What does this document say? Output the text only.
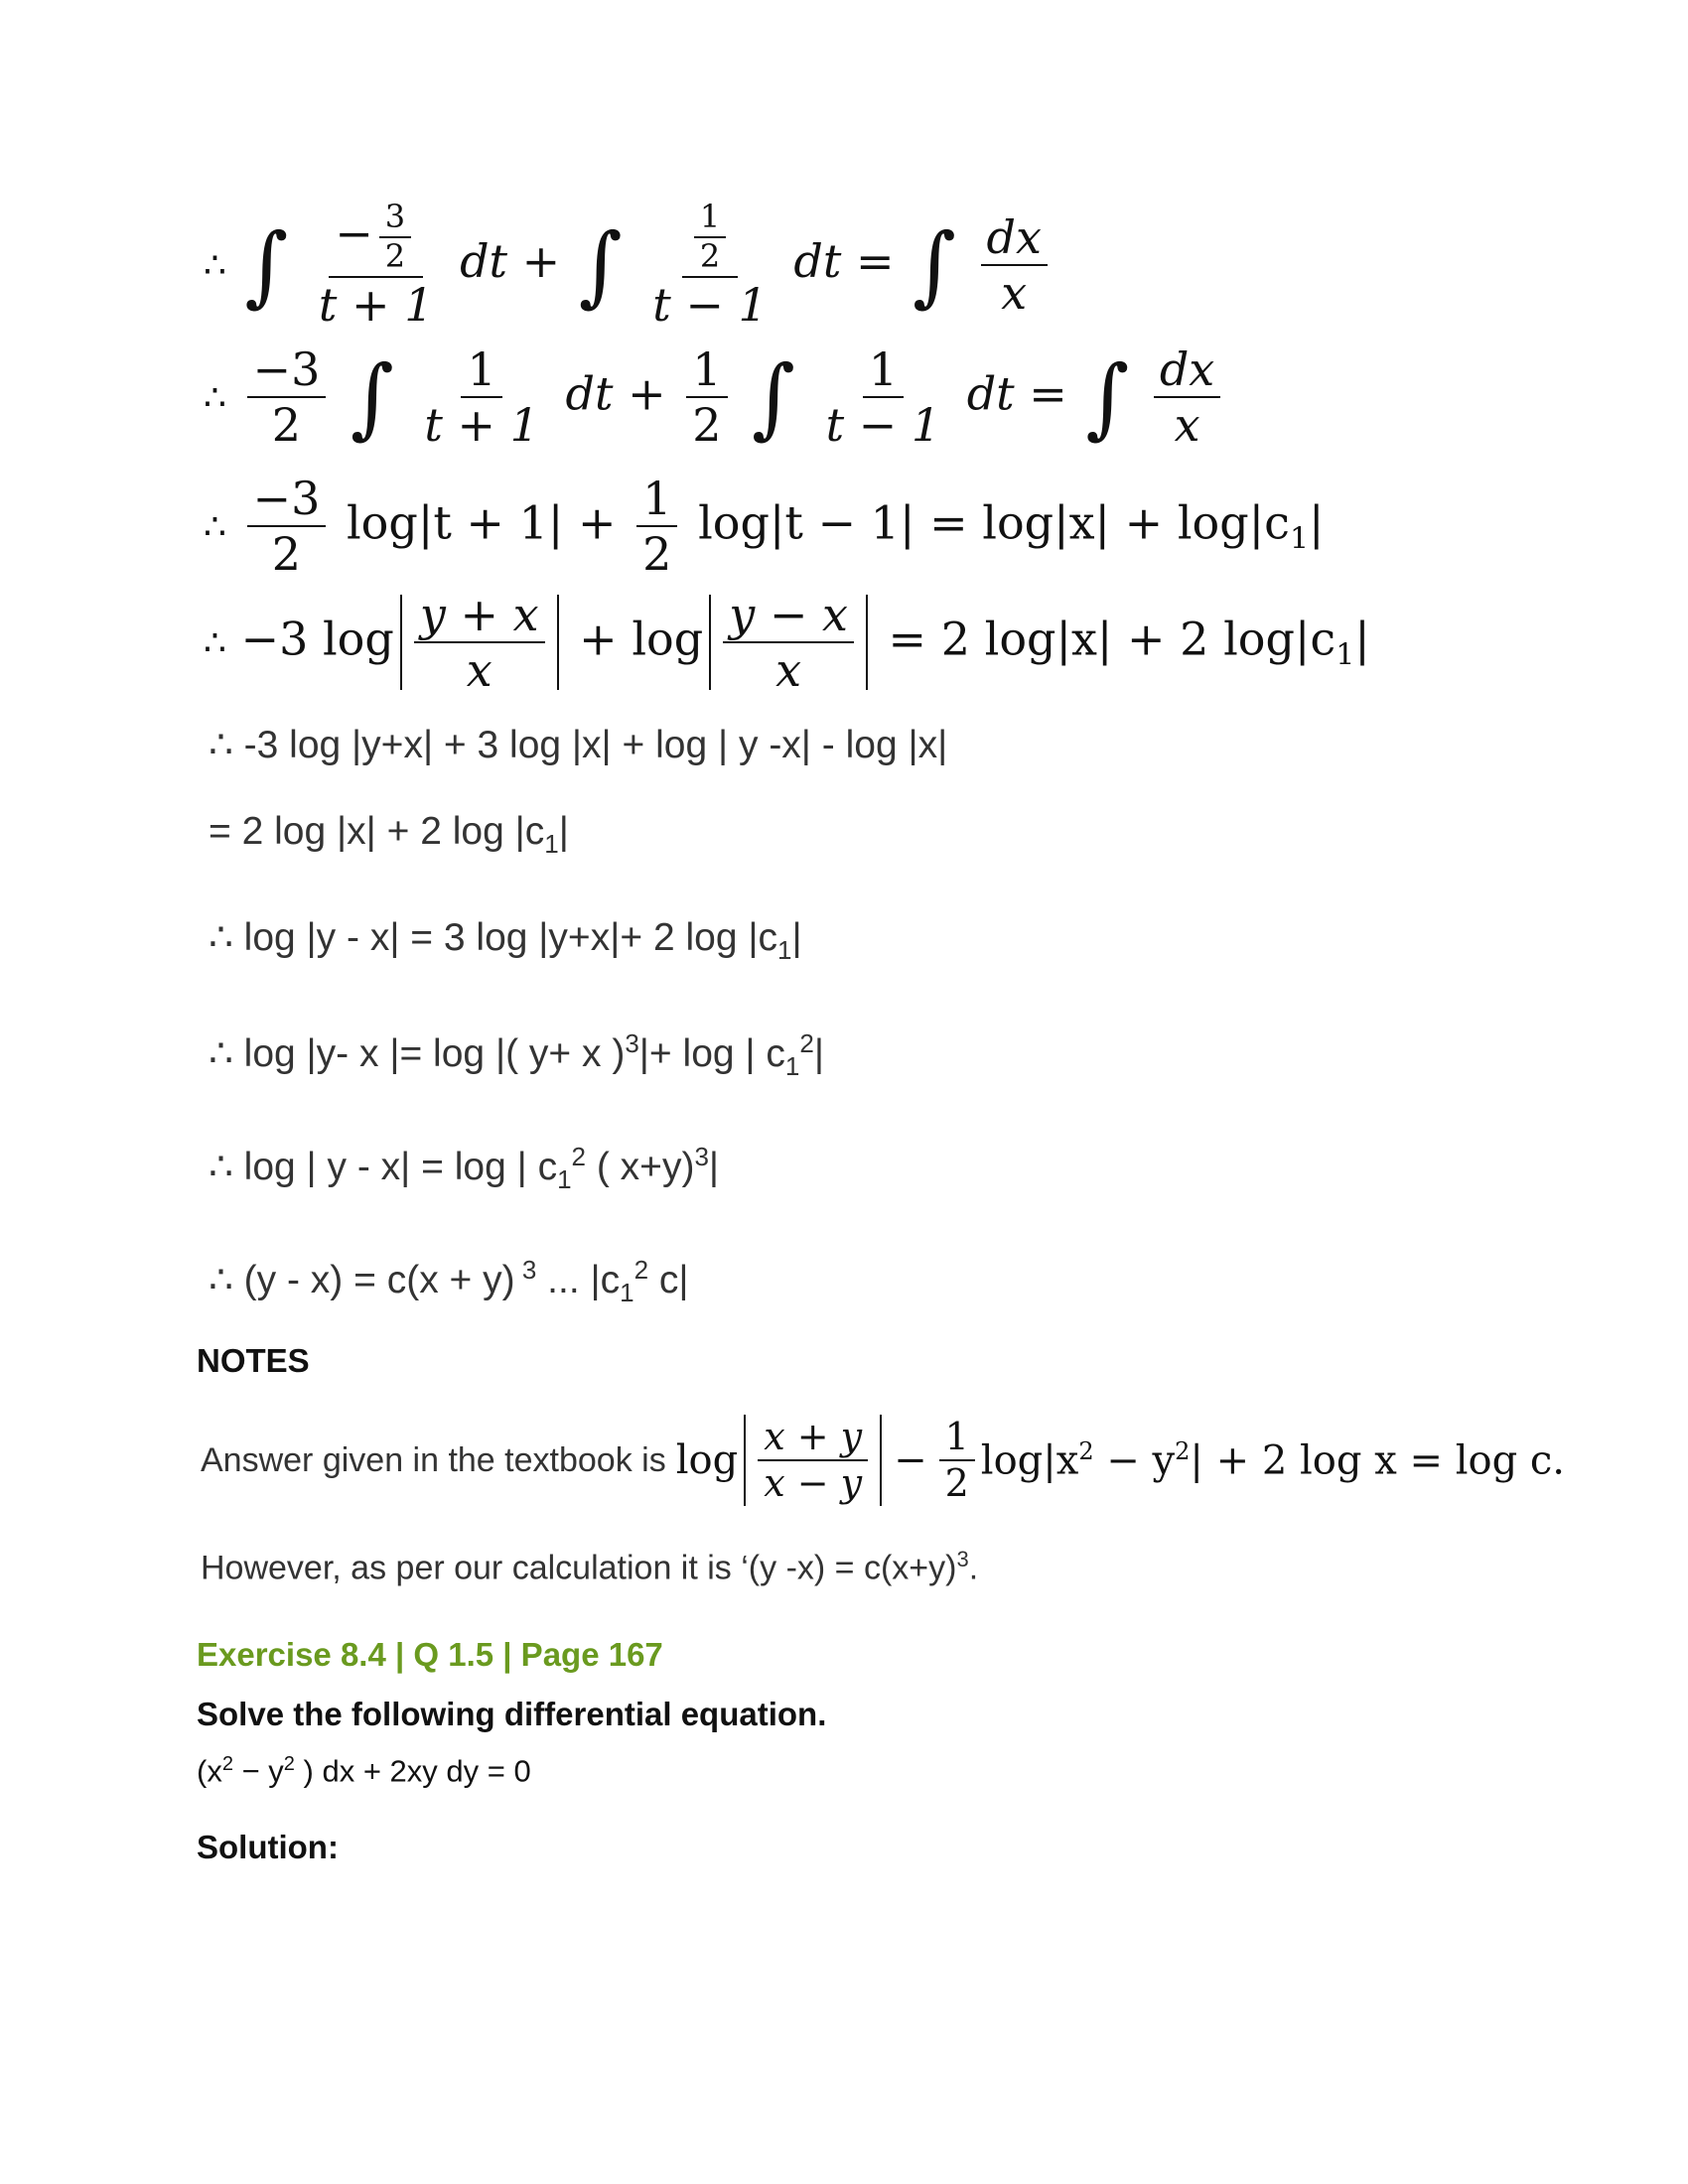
∴ ∫ $\frac{- \frac{3}{2}}{t + 1}$ dt + ∫ $\frac{\frac{1}{2}}{t - 1}$ dt = ∫ $\frac{dx}{x}$
∴ $\frac{-3}{2}$ ∫ $\frac{1}{t + 1}$ dt + $\frac{1}{2}$ ∫ $\frac{1}{t - 1}$ dt = ∫ $\frac{dx}{x}$
∴ $\frac{-3}{2} \log|t + 1| + \frac{1}{2} \log|t - 1| = \log|x| + \log|c_1|$
∴ −3 $\log \frac{y + x}{x} + \log \frac{y - x}{x} = 2$ log|x| + 2 $\log|c_1|$
∴ -3 log |y+x| + 3 log |x| + log | y -x| - log |x|
= 2 log |x| + 2 $\log |c_1|$
∴ log |y - x| = 3 log |y+x|+ 2 $\log |c_1|$
∴ log |y- x |= log |( y+ x )$^3$|+ log | $c_1^2|$
∴ log | y - x| = log | $c_1^2$ ( x+y)$^3$|
∴ (y - x) = c(x + y) $^3$ ... $|c_1^2$ c|
NOTES
Answer given in the textbook is $\log \frac{x + y}{x - y} - \frac{1}{2} \log|x^2 - y^2| + 2$ log x = log c.
However, as per our calculation it is ‘(y $-x) = c(x+y)^3$.
Exercise 8.4 | Q 1.5 | Page 167
Solve the following differential equation.
($x^2 - y^2$ ) dx + 2xy dy = 0
Solution:
